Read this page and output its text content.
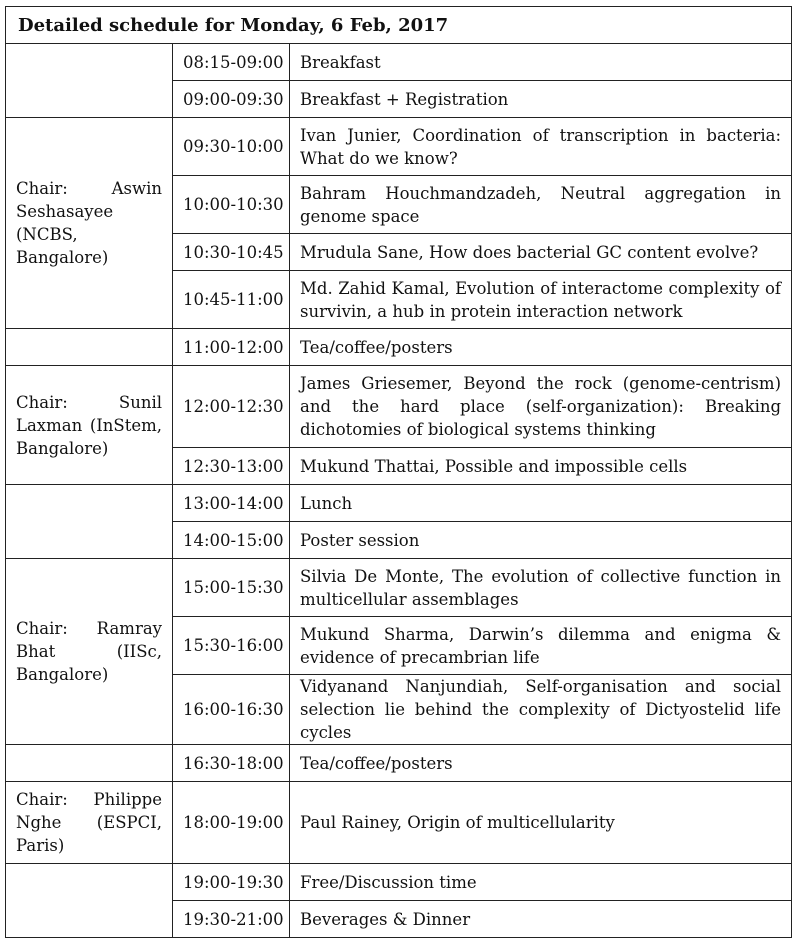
Detailed schedule for Monday, 6 Feb, 2017		
	08:15-09:00	Breakfast
	09:00-09:30	Breakfast + Registration
Chair: Aswin Seshasayee (NCBS, Bangalore)	09:30-10:00	Ivan Junier, Coordination of transcription in bacteria: What do we know?
	10:00-10:30	Bahram Houchmandzadeh, Neutral aggregation in genome space
	10:30-10:45	Mrudula Sane, How does bacterial GC content evolve?
	10:45-11:00	Md. Zahid Kamal, Evolution of interactome complexity of survivin, a hub in protein interaction network
	11:00-12:00	Tea/coffee/posters
Chair: Sunil Laxman (InStem, Bangalore)	12:00-12:30	James Griesemer, Beyond the rock (genome-centrism) and the hard place (self-organization): Breaking dichotomies of biological systems thinking
	12:30-13:00	Mukund Thattai, Possible and impossible cells
	13:00-14:00	Lunch
	14:00-15:00	Poster session
Chair: Ramray Bhat (IISc, Bangalore)	15:00-15:30	Silvia De Monte, The evolution of collective function in multicellular assemblages
	15:30-16:00	Mukund Sharma, Darwin’s dilemma and enigma & evidence of precambrian life
	16:00-16:30	Vidyanand Nanjundiah, Self-organisation and social selection lie behind the complexity of Dictyostelid life cycles
	16:30-18:00	Tea/coffee/posters
Chair: Philippe Nghe (ESPCI, Paris)	18:00-19:00	Paul Rainey, Origin of multicellularity
	19:00-19:30	Free/Discussion time
	19:30-21:00	Beverages & Dinner
